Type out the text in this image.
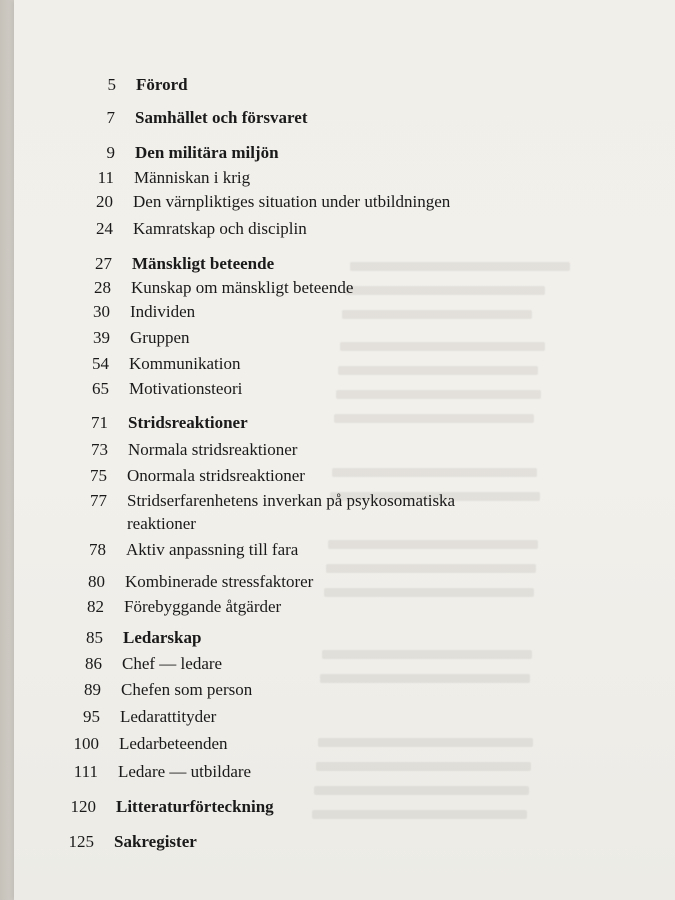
5 Förord
7 Samhället och försvaret
9 Den militära miljön
11 Människan i krig
20 Den värnpliktiges situation under utbildningen
24 Kamratskap och disciplin
27 Mänskligt beteende
28 Kunskap om mänskligt beteende
30 Individen
39 Gruppen
54 Kommunikation
65 Motivationsteori
71 Stridsreaktioner
73 Normala stridsreaktioner
75 Onormala stridsreaktioner
77 Stridserfarenhetens inverkan på psykosomatiska
reaktioner
78 Aktiv anpassning till fara
80 Kombinerade stressfaktorer
82 Förebyggande åtgärder
85 Ledarskap
86 Chef — ledare
89 Chefen som person
95 Ledarattityder
100 Ledarbeteenden
111 Ledare — utbildare
120 Litteraturförteckning
125 Sakregister
